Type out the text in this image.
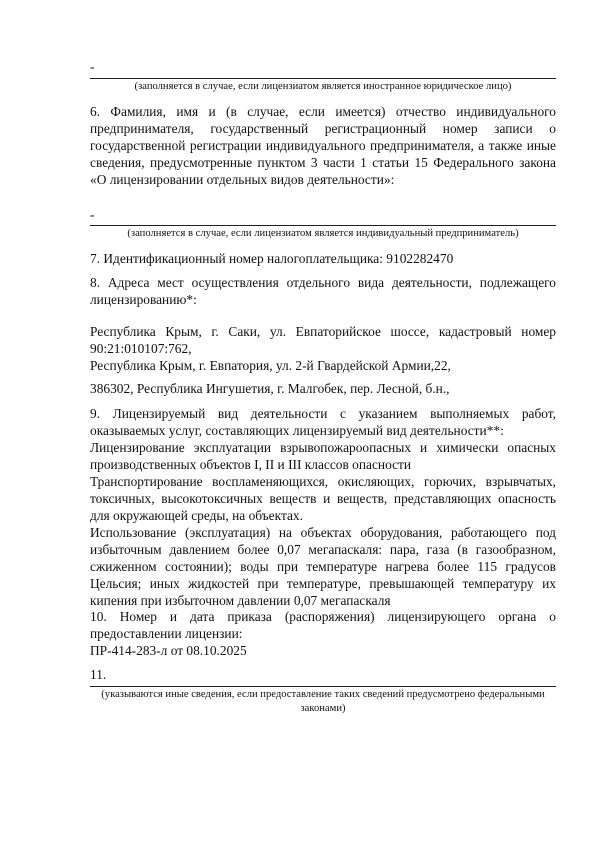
-
(заполняется в случае, если лицензиатом является иностранное юридическое лицо)
6. Фамилия, имя и (в случае, если имеется) отчество индивидуального предпринимателя, государственный регистрационный номер записи о государственной регистрации индивидуального предпринимателя, а также иные сведения, предусмотренные пунктом 3 части 1 статьи 15 Федерального закона «О лицензировании отдельных видов деятельности»:
-
(заполняется в случае, если лицензиатом является индивидуальный предприниматель)
7. Идентификационный номер налогоплательщика: 9102282470
8. Адреса мест осуществления отдельного вида деятельности, подлежащего лицензированию*:
Республика Крым, г. Саки, ул. Евпаторийское шоссе, кадастровый номер 90:21:010107:762,
Республика Крым, г. Евпатория, ул. 2-й Гвардейской Армии,22,
386302, Республика Ингушетия, г. Малгобек, пер. Лесной, б.н.,
9. Лицензируемый вид деятельности с указанием выполняемых работ, оказываемых услуг, составляющих лицензируемый вид деятельности**:
Лицензирование эксплуатации взрывопожароопасных и химически опасных производственных объектов I, II и III классов опасности
Транспортирование воспламеняющихся, окисляющих, горючих, взрывчатых, токсичных, высокотоксичных веществ и веществ, представляющих опасность для окружающей среды, на объектах.
Использование (эксплуатация) на объектах оборудования, работающего под избыточным давлением более 0,07 мегапаскаля: пара, газа (в газообразном, сжиженном состоянии); воды при температуре нагрева более 115 градусов Цельсия; иных жидкостей при температуре, превышающей температуру их кипения при избыточном давлении 0,07 мегапаскаля
10. Номер и дата приказа (распоряжения) лицензирующего органа о предоставлении лицензии:
ПР-414-283-л от 08.10.2025
11.
(указываются иные сведения, если предоставление таких сведений предусмотрено федеральными законами)
